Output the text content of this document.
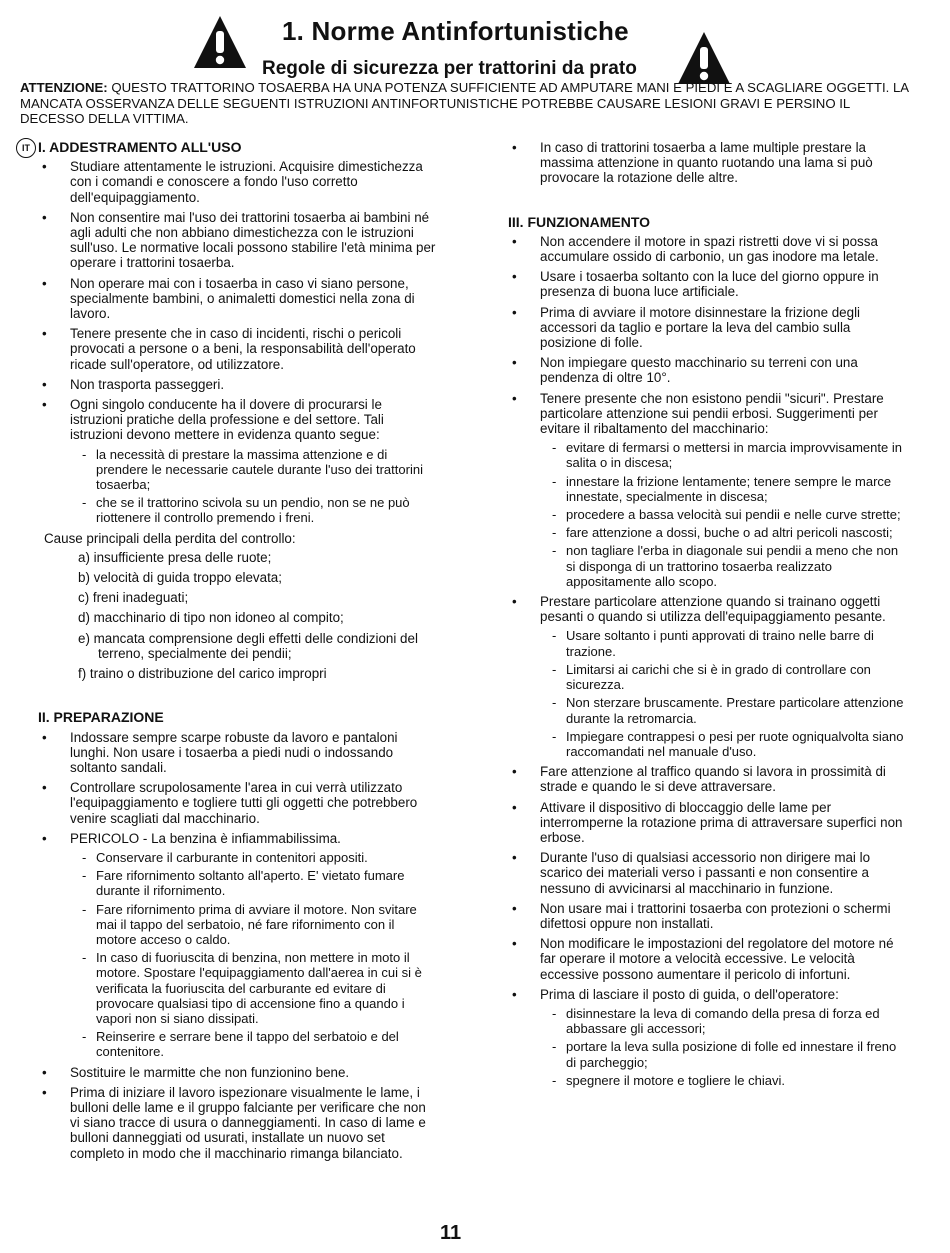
1. Norme Antinfortunistiche
Regole di sicurezza per trattorini da prato
ATTENZIONE: QUESTO TRATTORINO TOSAERBA HA UNA POTENZA SUFFICIENTE AD AMPUTARE MANI E PIEDI E A SCAGLIARE OGGETTI. LA MANCATA OSSERVANZA DELLE SEGUENTI ISTRUZIONI ANTINFORTUNISTICHE POTREBBE CAUSARE LESIONI GRAVI E PERSINO IL DECESSO DELLA VITTIMA.
IT I. ADDESTRAMENTO ALL'USO
• Studiare attentamente le istruzioni. Acquisire dimestichezza con i comandi e conoscere a fondo l'uso corretto dell'equipaggiamento.
• Non consentire mai l'uso dei trattorini tosaerba ai bambini né agli adulti che non abbiano dimestichezza con le istruzioni sull'uso. Le normative locali possono stabilire l'età minima per operare i trattorini tosaerba.
• Non operare mai con i tosaerba in caso vi siano persone, specialmente bambini, o animaletti domestici nella zona di lavoro.
• Tenere presente che in caso di incidenti, rischi o pericoli provocati a persone o a beni, la responsabilità dell'operato ricade sull'operatore, od utilizzatore.
• Non trasporta passeggeri.
• Ogni singolo conducente ha il dovere di procurarsi le istruzioni pratiche della professione e del settore. Tali istruzioni devono mettere in evidenza quanto segue:
- la necessità di prestare la massima attenzione e di prendere le necessarie cautele durante l'uso dei trattorini tosaerba;
- che se il trattorino scivola su un pendio, non se ne può riottenere il controllo premendo i freni.
Cause principali della perdita del controllo:
a) insufficiente presa delle ruote;
b) velocità di guida troppo elevata;
c) freni inadeguati;
d) macchinario di tipo non idoneo al compito;
e) mancata comprensione degli effetti delle condizioni del terreno, specialmente dei pendii;
f) traino o distribuzione del carico impropri
II. PREPARAZIONE
• Indossare sempre scarpe robuste da lavoro e pantaloni lunghi. Non usare i tosaerba a piedi nudi o indossando soltanto sandali.
• Controllare scrupolosamente l'area in cui verrà utilizzato l'equipaggiamento e togliere tutti gli oggetti che potrebbero venire scagliati dal macchinario.
• PERICOLO - La benzina è infiammabilissima.
- Conservare il carburante in contenitori appositi.
- Fare rifornimento soltanto all'aperto. E' vietato fumare durante il rifornimento.
- Fare rifornimento prima di avviare il motore. Non svitare mai il tappo del serbatoio, né fare rifornimento con il motore acceso o caldo.
- In caso di fuoriuscita di benzina, non mettere in moto il motore. Spostare l'equipaggiamento dall'aerea in cui si è verificata la fuoriuscita del carburante ed evitare di provocare qualsiasi tipo di accensione fino a quando i vapori non si siano dissipati.
- Reinserire e serrare bene il tappo del serbatoio e del contenitore.
• Sostituire le marmitte che non funzionino bene.
• Prima di iniziare il lavoro ispezionare visualmente le lame, i bulloni delle lame e il gruppo falciante per verificare che non vi siano tracce di usura o danneggiamenti. In caso di lame e bulloni danneggiati od usurati, installate un nuovo set completo in modo che il macchinario rimanga bilanciato.
• In caso di trattorini tosaerba a lame multiple prestare la massima attenzione in quanto ruotando una lama si può provocare la rotazione delle altre.
III. FUNZIONAMENTO
• Non accendere il motore in spazi ristretti dove vi si possa accumulare ossido di carbonio, un gas inodore ma letale.
• Usare i tosaerba soltanto con la luce del giorno oppure in presenza di buona luce artificiale.
• Prima di avviare il motore disinnestare la frizione degli accessori da taglio e portare la leva del cambio sulla posizione di folle.
• Non impiegare questo macchinario su terreni con una pendenza di oltre 10°.
• Tenere presente che non esistono pendii "sicuri". Prestare particolare attenzione sui pendii erbosi. Suggerimenti per evitare il ribaltamento del macchinario:
- evitare di fermarsi o mettersi in marcia improvvisamente in salita o in discesa;
- innestare la frizione lentamente; tenere sempre le marce innestate, specialmente in discesa;
- procedere a bassa velocità sui pendii e nelle curve strette;
- fare attenzione a dossi, buche o ad altri pericoli nascosti;
- non tagliare l'erba in diagonale sui pendii a meno che non si disponga di un trattorino tosaerba realizzato appositamente allo scopo.
• Prestare particolare attenzione quando si trainano oggetti pesanti o quando si utilizza dell'equipaggiamento pesante.
- Usare soltanto i punti approvati di traino nelle barre di trazione.
- Limitarsi ai carichi che si è in grado di controllare con sicurezza.
- Non sterzare bruscamente. Prestare particolare attenzione durante la retromarcia.
- Impiegare contrappesi o pesi per ruote ogniqualvolta siano raccomandati nel manuale d'uso.
• Fare attenzione al traffico quando si lavora in prossimità di strade e quando le si deve attraversare.
• Attivare il dispositivo di bloccaggio delle lame per interromperne la rotazione prima di attraversare superfici non erbose.
• Durante l'uso di qualsiasi accessorio non dirigere mai lo scarico dei materiali verso i passanti e non consentire a nessuno di avvicinarsi al macchinario in funzione.
• Non usare mai i trattorini tosaerba con protezioni o schermi difettosi oppure non installati.
• Non modificare le impostazioni del regolatore del motore né far operare il motore a velocità eccessive. Le velocità eccessive possono aumentare il pericolo di infortuni.
• Prima di lasciare il posto di guida, o dell'operatore:
- disinnestare la leva di comando della presa di forza ed abbassare gli accessori;
- portare la leva sulla posizione di folle ed innestare il freno di parcheggio;
- spegnere il motore e togliere le chiavi.
11
